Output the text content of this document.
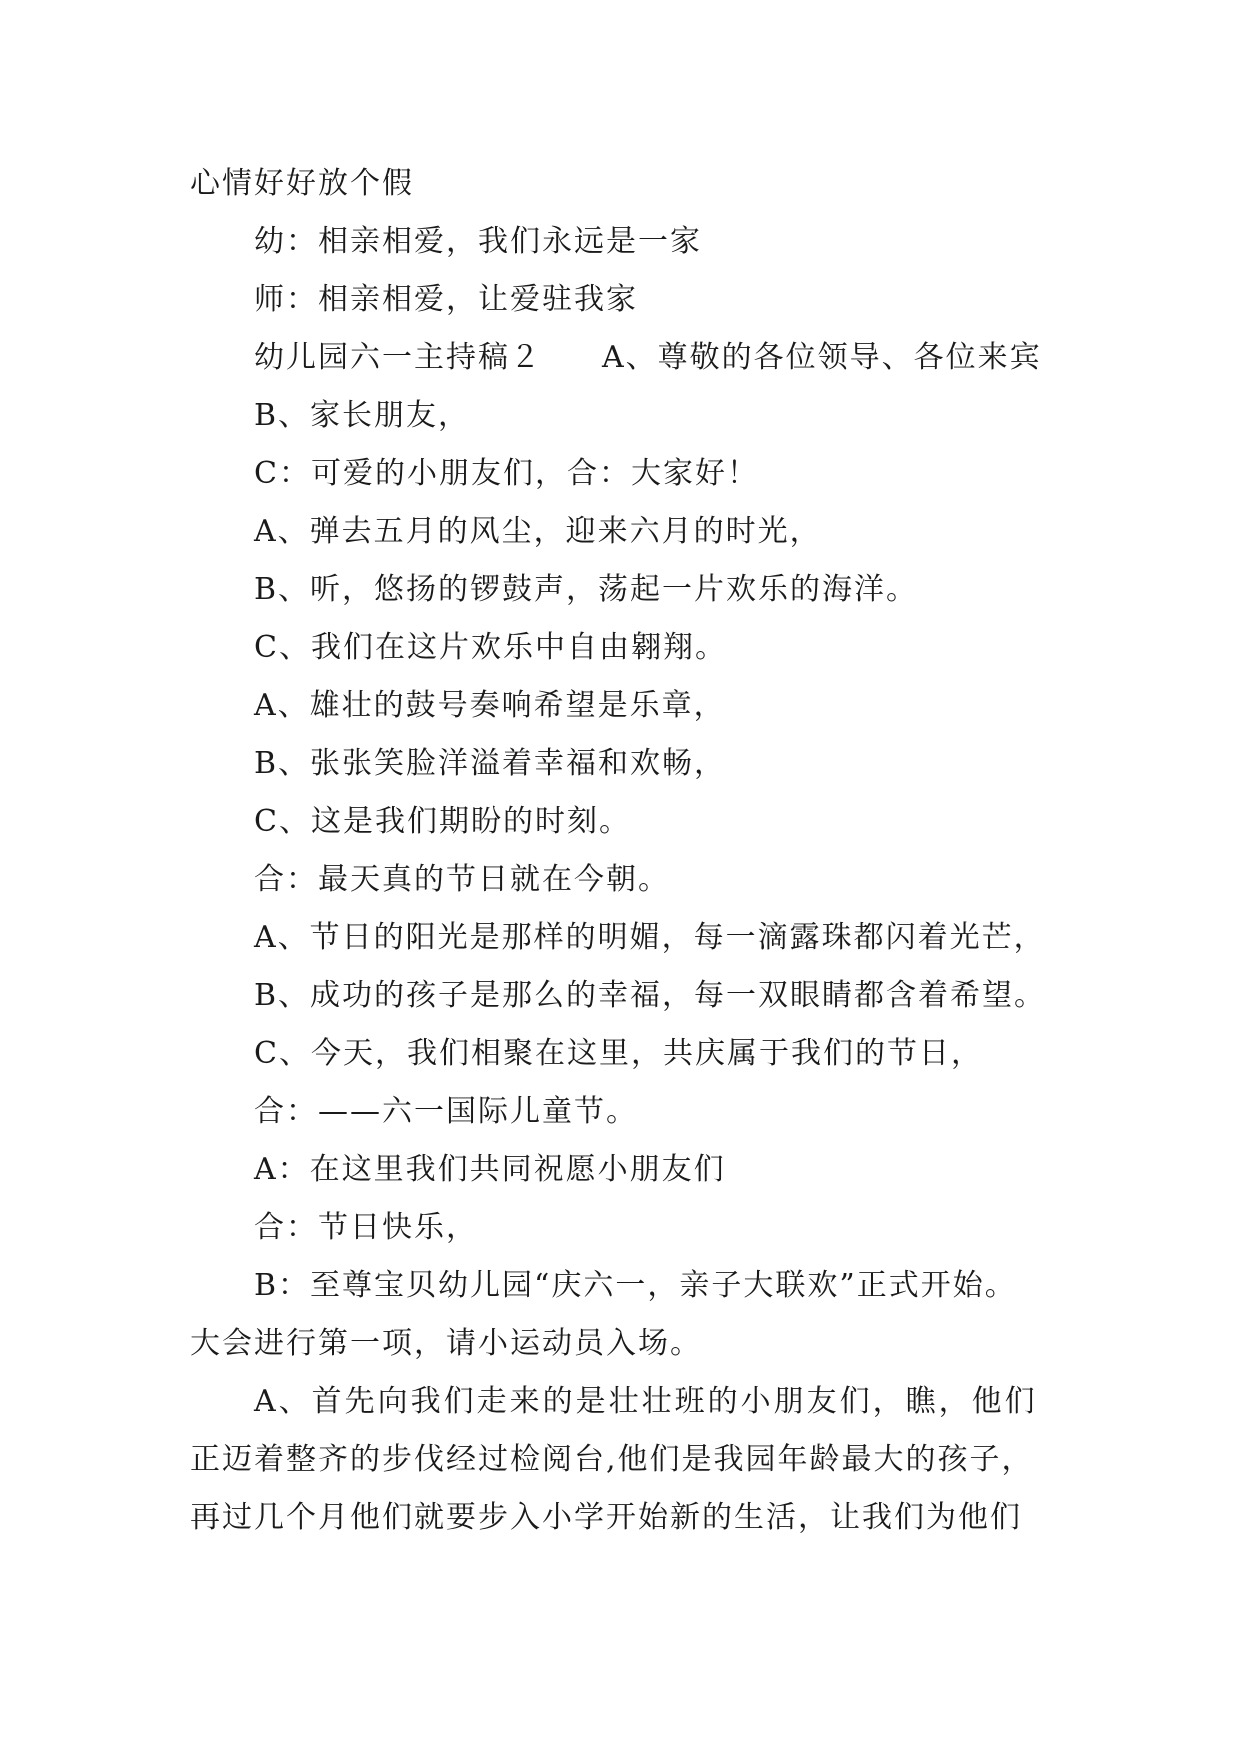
心情好好放个假
幼：相亲相爱，我们永远是一家
师：相亲相爱，让爱驻我家
幼儿园六一主持稿２ A、尊敬的各位领导、各位来宾
B、家长朋友，
C：可爱的小朋友们，合：大家好！
A、弹去五月的风尘，迎来六月的时光，
B、听，悠扬的锣鼓声，荡起一片欢乐的海洋。
C、我们在这片欢乐中自由翱翔。
A、雄壮的鼓号奏响希望是乐章，
B、张张笑脸洋溢着幸福和欢畅，
C、这是我们期盼的时刻。
合：最天真的节日就在今朝。
A、节日的阳光是那样的明媚，每一滴露珠都闪着光芒，
B、成功的孩子是那么的幸福，每一双眼睛都含着希望。
C、今天，我们相聚在这里，共庆属于我们的节日，
合：——六一国际儿童节。
A：在这里我们共同祝愿小朋友们
合：节日快乐，
B：至尊宝贝幼儿园“庆六一，亲子大联欢”正式开始。
大会进行第一项，请小运动员入场。
A、首先向我们走来的是壮壮班的小朋友们，瞧，他们
正迈着整齐的步伐经过检阅台,他们是我园年龄最大的孩子，
再过几个月他们就要步入小学开始新的生活，让我们为他们
